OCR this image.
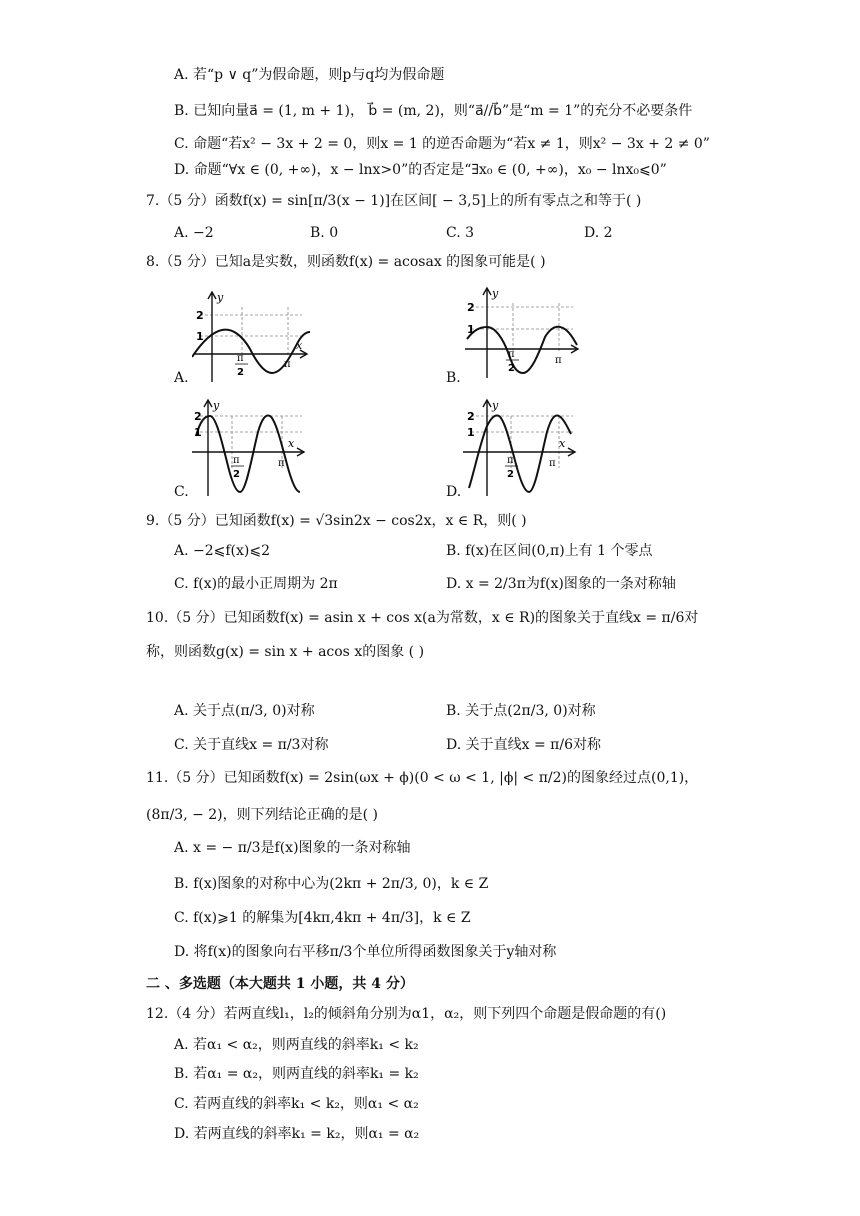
A. 若“p ∨ q”为假命题，则p与q均为假命题
B. 已知向量a⃗ = (1, m + 1)， b⃗ = (m, 2)，则“a⃗//b⃗”是“m = 1”的充分不必要条件
C. 命题“若x² − 3x + 2 = 0，则x = 1 的逆否命题为“若x ≠ 1，则x² − 3x + 2 ≠ 0”
D. 命题“∀x ∈ (0, +∞)，x − lnx>0”的否定是“∃x₀ ∈ (0, +∞)，x₀ − lnx₀⩽0”
7.（5 分）函数f(x) = sin[π/3(x − 1)]在区间[ − 3,5]上的所有零点之和等于( )
A. −2	B. 0	C. 3	D. 2
8.（5 分）已知a是实数，则函数f(x) = acosax 的图象可能是( )
A.
y
x
2
1
π
2
π
B.
y
2
1
π
2
π
C.
y
x
2
1
π
2
π
D.
y
x
2
1
π
2
π
9.（5 分）已知函数f(x) = √3sin2x − cos2x，x ∈ R，则( )
A. −2⩽f(x)⩽2	B. f(x)在区间(0,π)上有 1 个零点
C. f(x)的最小正周期为 2π	D. x = 2/3π为f(x)图象的一条对称轴
10.（5 分）已知函数f(x) = asin x + cos x(a为常数，x ∈ R)的图象关于直线x = π/6对
称，则函数g(x) = sin x + acos x的图象 ( )
A. 关于点(π/3, 0)对称	B. 关于点(2π/3, 0)对称
C. 关于直线x = π/3对称	D. 关于直线x = π/6对称
11.（5 分）已知函数f(x) = 2sin(ωx + ϕ)(0 < ω < 1, |ϕ| < π/2)的图象经过点(0,1)，
(8π/3, − 2)，则下列结论正确的是( )
A. x = − π/3是f(x)图象的一条对称轴
B. f(x)图象的对称中心为(2kπ + 2π/3, 0)，k ∈ Z
C. f(x)⩾1 的解集为[4kπ,4kπ + 4π/3]，k ∈ Z
D. 将f(x)的图象向右平移π/3个单位所得函数图象关于y轴对称
二 、多选题（本大题共 1 小题，共 4 分）
12.（4 分）若两直线l₁，l₂的倾斜角分别为α1，α₂，则下列四个命题是假命题的有()
A. 若α₁ < α₂，则两直线的斜率k₁ < k₂
B. 若α₁ = α₂，则两直线的斜率k₁ = k₂
C. 若两直线的斜率k₁ < k₂，则α₁ < α₂
D. 若两直线的斜率k₁ = k₂，则α₁ = α₂
